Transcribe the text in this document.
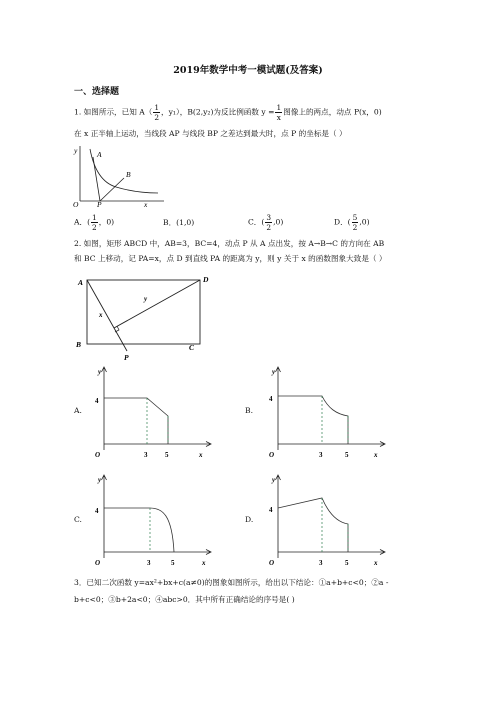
2019年数学中考一模试题(及答案)
一、选择题
1. 如图所示，已知 $A( \frac{1}{2}$ ，y₁），B(2,y₂)为反比例函数 $y = \frac{1}{x}$ 图像上的两点，动点 P(x，0)
在 x 正半轴上运动，当线段 AP 与线段 BP 之差达到最大时，点 P 的坐标是（ ）
y
O P	x
A
B
A．( $\frac{1}{2}$ ，0)	B．(1,0)	C．( $\frac{3}{2} ,0$)	D．( $\frac{5}{2} ,0$)
2. 如图，矩形 ABCD 中，AB=3，BC=4，动点 P 从 A 点出发，按 A→B→C 的方向在 AB
和 BC 上移动，记 PA=x，点 D 到直线 PA 的距离为 y，则 y 关于 x 的函数图象大致是（ ）
A	D
B	C
P
x
y
A.
y
4
O	3	5	x
B.
y
4
O	3	5	x
C.
y
4
O	3	5	x
D.
y
4
O	3	5	x
3．已知二次函数 y=ax²+bx+c(a≠0)的图象如图所示，给出以下结论：①a+b+c<0；②a -
b+c<0；③b+2a<0；④abc>0．其中所有正确结论的序号是( )
